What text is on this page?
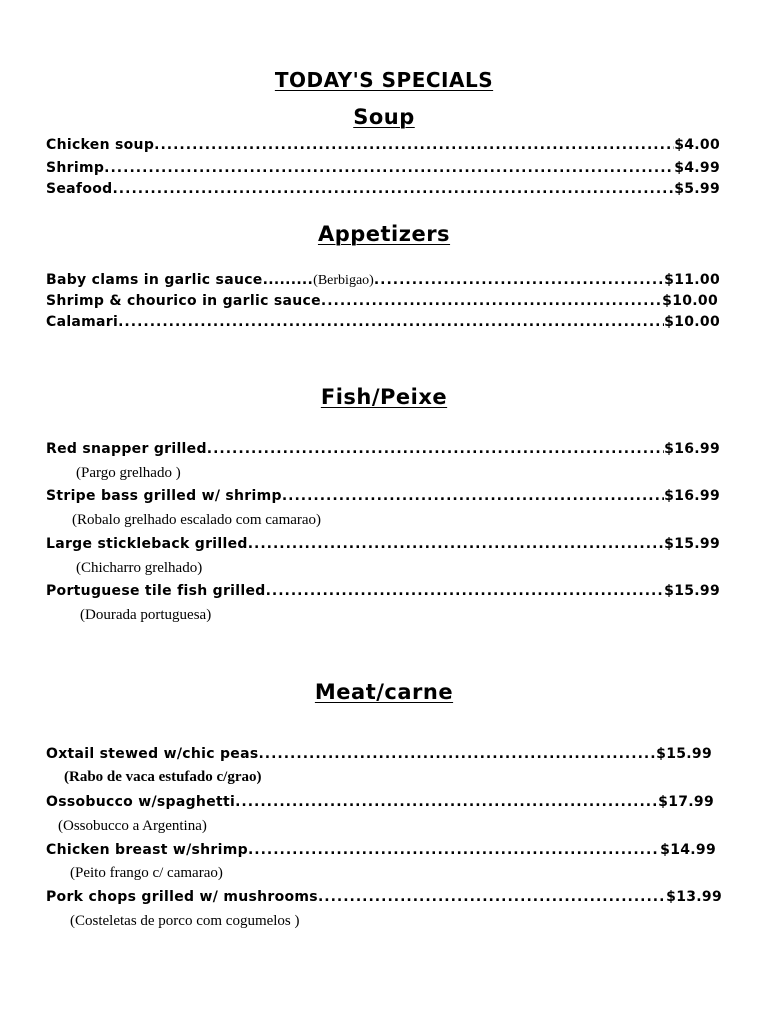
TODAY'S SPECIALS
Soup
Chicken soup .....	$4.00
Shrimp .....	$4.99
Seafood .....	$5.99
Appetizers
Baby clams in garlic sauce......... (Berbigao) .....	$11.00
Shrimp & chourico in garlic sauce .....	$10.00
Calamari .....	$10.00
Fish/Peixe
Red snapper grilled .....	$16.99
(Pargo grelhado )
Stripe bass grilled w/ shrimp .....	$16.99
(Robalo grelhado escalado com camarao)
Large stickleback grilled .....	$15.99
(Chicharro grelhado)
Portuguese tile fish grilled .....	$15.99
(Dourada portuguesa)
Meat/carne
Oxtail stewed w/chic peas .....	$15.99
(Rabo de vaca estufado c/grao)
Ossobucco w/spaghetti .....	$17.99
(Ossobucco a Argentina)
Chicken breast w/shrimp .....	$14.99
(Peito frango c/ camarao)
Pork chops grilled w/ mushrooms .....	$13.99
(Costeletas de porco com cogumelos )
